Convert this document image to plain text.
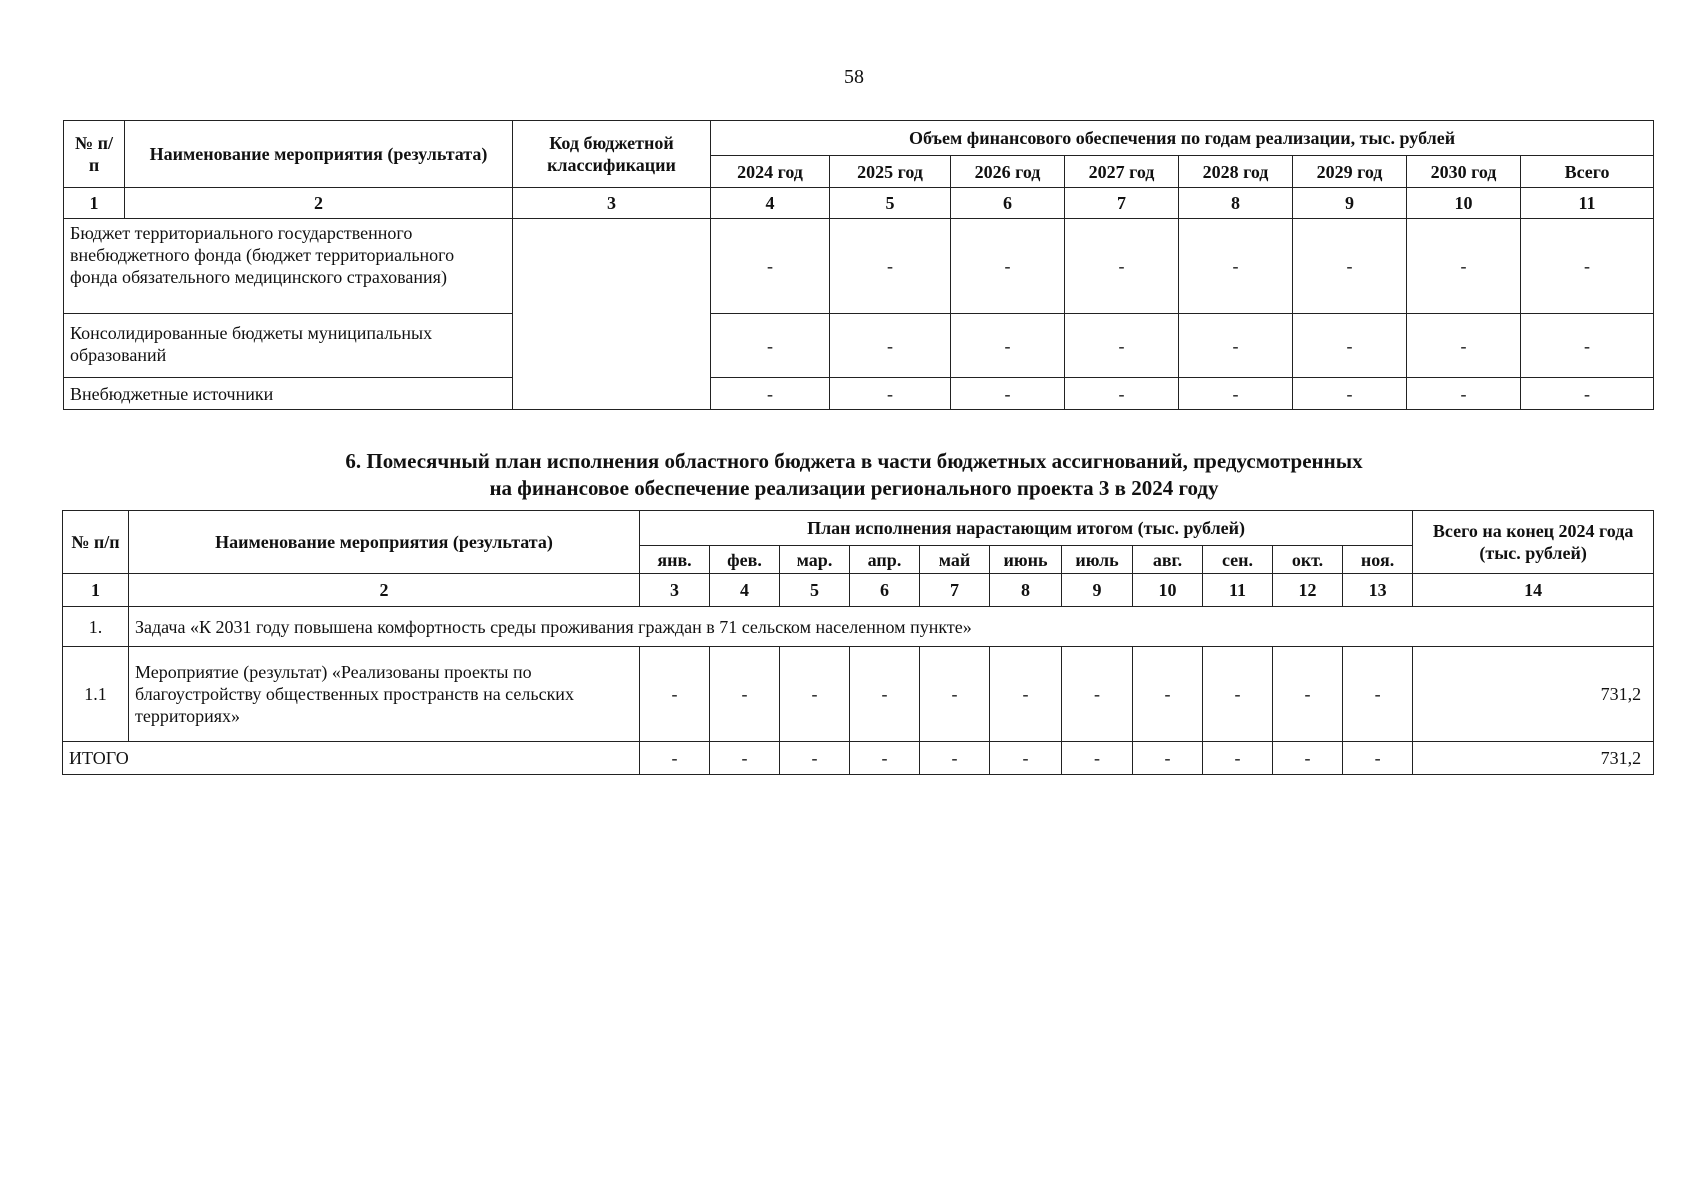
58
№ п/п	Наименование мероприятия (результата)	Код бюджетной классификации	Объем финансового обеспечения по годам реализации, тыс. рублей							
			2024 год	2025 год	2026 год	2027 год	2028 год	2029 год	2030 год	Всего
1	2	3	4	5	6	7	8	9	10	11
Бюджет территориального государственного внебюджетного фонда (бюджет территориального фонда обязательного медицинского страхования)			-	-	-	-	-	-	-	-
Консолидированные бюджеты муниципальных образований			-	-	-	-	-	-	-	-
Внебюджетные источники			-	-	-	-	-	-	-	-
6. Помесячный план исполнения областного бюджета в части бюджетных ассигнований, предусмотренных
на финансовое обеспечение реализации регионального проекта 3 в 2024 году
№ п/п	Наименование мероприятия (результата)	План исполнения нарастающим итогом (тыс. рублей)											Всего на конец 2024 года (тыс. рублей)
		янв.	фев.	мар.	апр.	май	июнь	июль	авг.	сен.	окт.	ноя.	
1	2	3	4	5	6	7	8	9	10	11	12	13	14
1.	Задача «К 2031 году повышена комфортность среды проживания граждан в 71 сельском населенном пункте»												
1.1	Мероприятие (результат) «Реализованы проекты по благоустройству общественных пространств на сельских территориях»	-	-	-	-	-	-	-	-	-	-	-	731,2
ИТОГО		-	-	-	-	-	-	-	-	-	-	-	731,2
